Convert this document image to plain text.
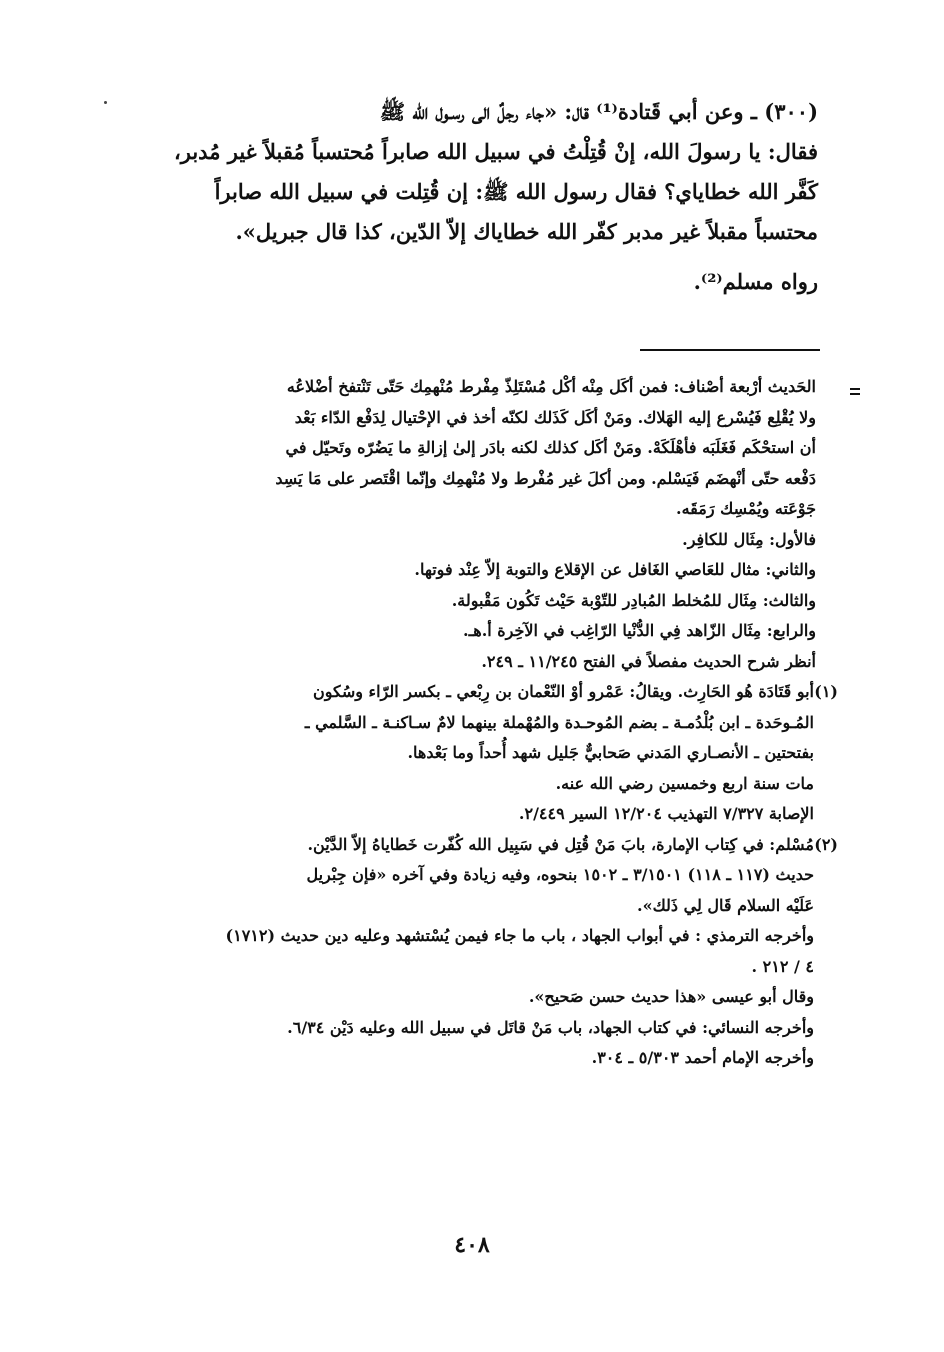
(٣٠٠) ـ وعن أبي قَتادة⁽¹⁾ قال: «جاء رجلٌ الى رسـول الله ﷺ

فقال: يا رسولَ الله، إنْ قُتِلْتُ في سبيل الله صابراً مُحتسباً مُقبلاً غير مُدبر،

كَفَّر الله خطاياي؟ فقال رسول الله ﷺ: إن قُتِلت في سبيل الله صابراً

محتسباً مقبلاً غير مدبر كفّر الله خطاياك إلاّ الدّين، كذا قال جبريل».

رواه مسلم⁽²⁾.

الحَديث أرْبعة أصْناف: فمن أكَل مِنْه أكْل مُسْتَلِذّ مِفْرط مُنْهمِك حَتّى تَنْتفخ أضْلاعُه

ولا يُقْلِع فَيُسْرع إليه الهَلاك. ومَنْ أكَل كَذَلك لكنّه أخذ في الإحْتيال لِدَفْع الدّاء بَعْد

أن استحْكَم فَغَلَبَه فأهْلَكَهْ. ومَنْ أكَل كذلك لكنه بادَر إلىٰ إزالةِ ما يَضُرّه وتَحيّل في

دَفْعه حتّى أنْهضَم فَيَسْلم. ومن أكلَ غير مُفْرط ولا مُنْهمِك وإنّما اقْتَصر على مَا يَسِد

جَوْعَته ويُمْسِك رَمَقَه.

فالأول: مِثَال للكافِر.

والثاني: مثال للعَاصي الغَافل عن الإقلاع والتوبة إلاّ عِنْد فوتها.

والثالث: مِثَال للمُخلط المُبادِر للتّوْبة حَيْث تَكُون مَقْبولة.

والرابع: مِثَال الزّاهد فِي الدُّنْيا الرّاغِب في الآخِرة أ.هـ.

أنظر شرح الحديث مفصلاً في الفتح ١١/٢٤٥ ـ ٢٤٩.

(١)

أبو قَتَادَة هُو الحَارِث. ويقالُ: عَمْرو أوْ النّعْمان بن رِبْعي ـ بكسر الرّاء وسُكون

المُـوحَدة ـ ابن بُلْدُمـة ـ بضم المُوحـدة والمُهْملة بينهما لامٌ سـاكنـة ـ السَّلمي ـ

بفتحتين ـ الأنصـاري المَدني صَحابيٌّ جَليل شهد أُحداً وما بَعْدها.

مات سنة اربع وخمسين رضي الله عنه.

الإصابة ٧/٣٢٧ التهذيب ١٢/٢٠٤ السير ٢/٤٤٩.

(٢)

مُسْلم: في كِتاب الإمارة، بابَ مَنْ قُتِل في سَبِيل الله كُفّرت خَطاياهُ إلاّ الدَّيْن.

حديث (١١٧ ـ ١١٨) ٣/١٥٠١ ـ ١٥٠٢ بنحوه، وفيه زيادة وفي آخره «فإن جِبْريل

عَلَيْه السلام قَال لِي ذَلك».

وأخرجه الترمذي : في أبواب الجهاد ، باب ما جاء فيمن يُسْتشهد وعليه دين حديث (١٧١٢)

٤ / ٢١٢ .

وقال أبو عيسى «هذا حديث حسن صَحيح».

وأخرجه النسائي: في كتاب الجهاد، باب مَنْ قاتَل في سبيل الله وعليه دَيْن ٦/٣٤.

وأخرجه الإمام أحمد ٥/٣٠٣ ـ ٣٠٤.

٤٠٨
